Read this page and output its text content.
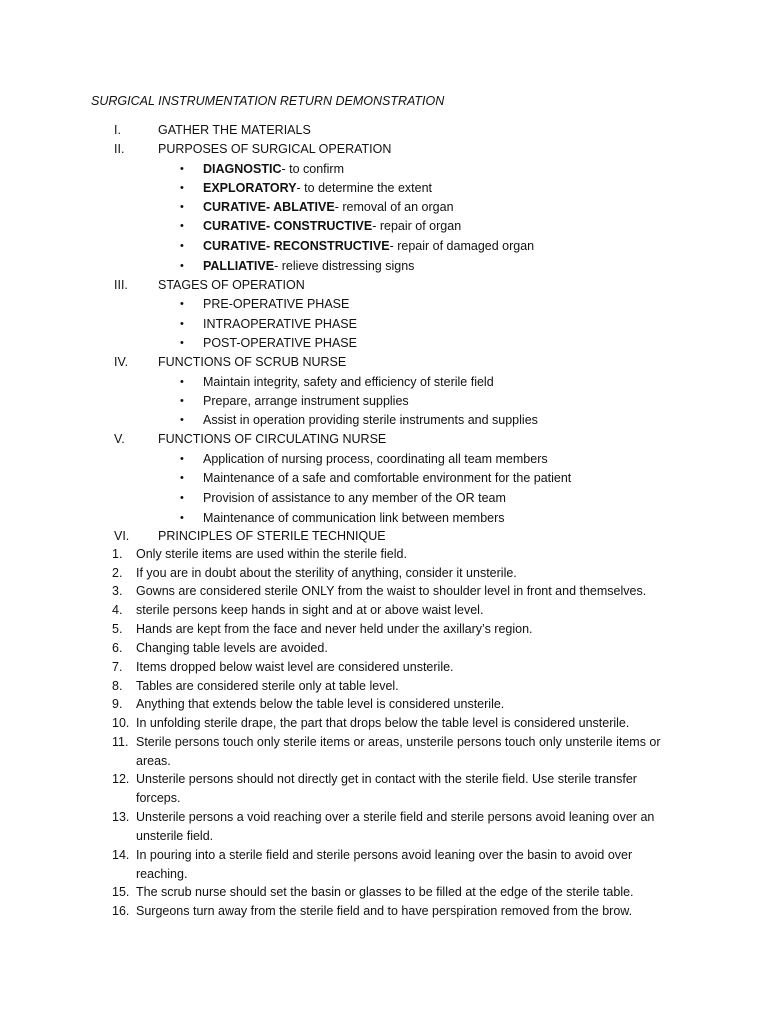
SURGICAL INSTRUMENTATION RETURN DEMONSTRATION
I.	GATHER THE MATERIALS
II.	PURPOSES OF SURGICAL OPERATION
•	DIAGNOSTIC- to confirm
•	EXPLORATORY- to determine the extent
•	CURATIVE- ABLATIVE- removal of an organ
•	CURATIVE- CONSTRUCTIVE- repair of organ
•	CURATIVE- RECONSTRUCTIVE- repair of damaged organ
•	PALLIATIVE- relieve distressing signs
III.	STAGES OF OPERATION
•	PRE-OPERATIVE PHASE
•	INTRAOPERATIVE PHASE
•	POST-OPERATIVE PHASE
IV.	FUNCTIONS OF SCRUB NURSE
•	Maintain integrity, safety and efficiency of sterile field
•	Prepare, arrange instrument supplies
•	Assist in operation providing sterile instruments and supplies
V.	FUNCTIONS OF CIRCULATING NURSE
•	Application of nursing process, coordinating all team members
•	Maintenance of a safe and comfortable environment for the patient
•	Provision of assistance to any member of the OR team
•	Maintenance of communication link between members
VI.	PRINCIPLES OF STERILE TECHNIQUE
1.	Only sterile items are used within the sterile field.
2.	If you are in doubt about the sterility of anything, consider it unsterile.
3.	Gowns are considered sterile ONLY from the waist to shoulder level in front and themselves.
4.	sterile persons keep hands in sight and at or above waist level.
5.	Hands are kept from the face and never held under the axillary’s region.
6.	Changing table levels are avoided.
7.	Items dropped below waist level are considered unsterile.
8.	Tables are considered sterile only at table level.
9.	Anything that extends below the table level is considered unsterile.
10. In unfolding sterile drape, the part that drops below the table level is considered unsterile.
11. Sterile persons touch only sterile items or areas, unsterile persons touch only unsterile items or areas.
12. Unsterile persons should not directly get in contact with the sterile field. Use sterile transfer forceps.
13. Unsterile persons a void reaching over a sterile field and sterile persons avoid leaning over an unsterile field.
14. In pouring into a sterile field and sterile persons avoid leaning over the basin to avoid over reaching.
15. The scrub nurse should set the basin or glasses to be filled at the edge of the sterile table.
16. Surgeons turn away from the sterile field and to have perspiration removed from the brow.
